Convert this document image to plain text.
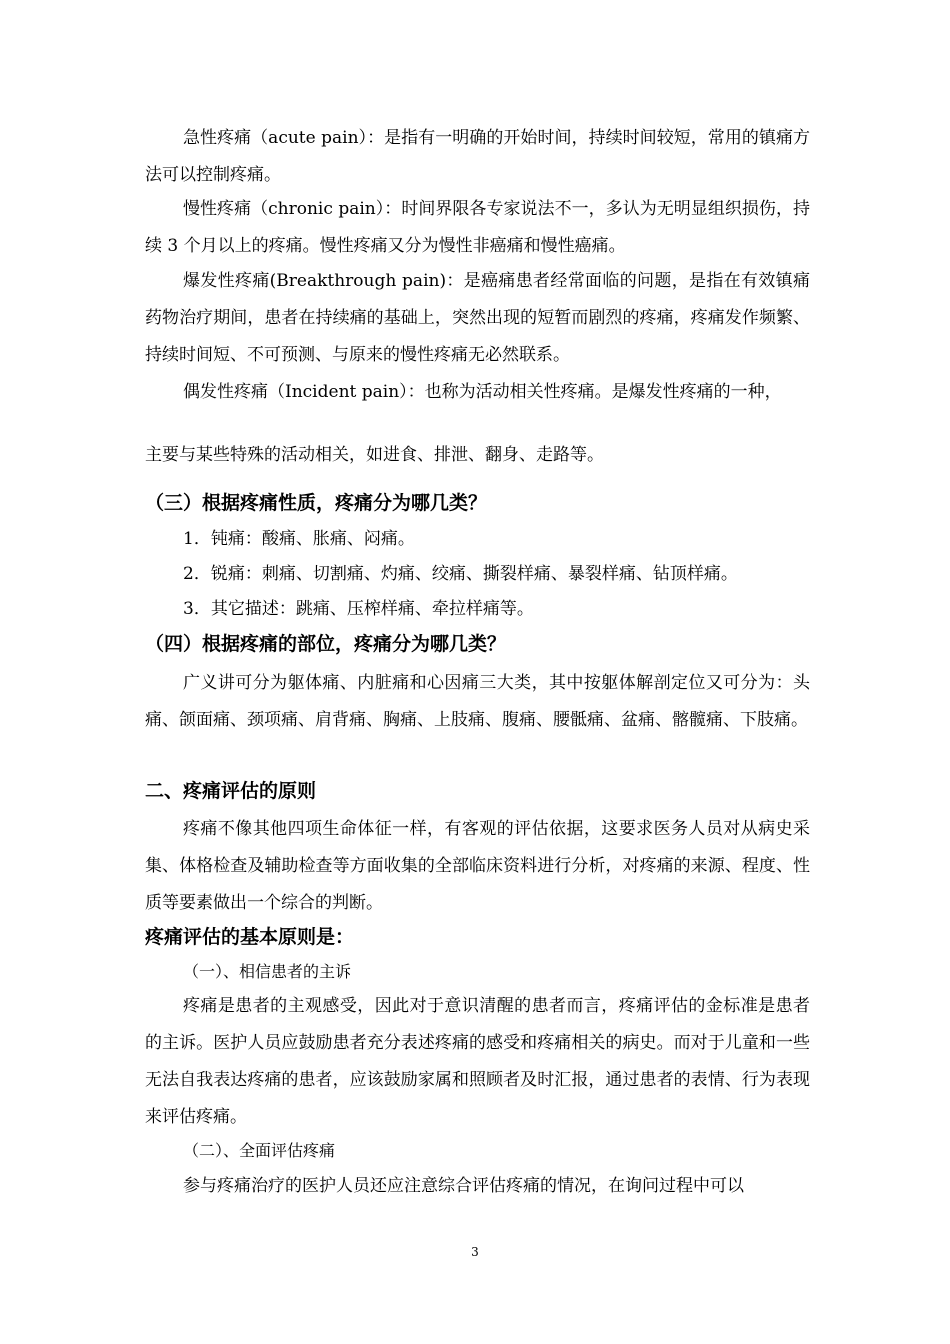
急性疼痛（acute pain）：是指有一明确的开始时间，持续时间较短，常用的镇痛方法可以控制疼痛。

慢性疼痛（chronic pain）：时间界限各专家说法不一，多认为无明显组织损伤，持续 3 个月以上的疼痛。慢性疼痛又分为慢性非癌痛和慢性癌痛。

爆发性疼痛(Breakthrough pain)：是癌痛患者经常面临的问题，是指在有效镇痛药物治疗期间，患者在持续痛的基础上，突然出现的短暂而剧烈的疼痛，疼痛发作频繁、持续时间短、不可预测、与原来的慢性疼痛无必然联系。

偶发性疼痛（Incident pain）：也称为活动相关性疼痛。是爆发性疼痛的一种，

主要与某些特殊的活动相关，如进食、排泄、翻身、走路等。

（三）根据疼痛性质，疼痛分为哪几类？

1．钝痛：酸痛、胀痛、闷痛。

2．锐痛：刺痛、切割痛、灼痛、绞痛、撕裂样痛、暴裂样痛、钻顶样痛。

3．其它描述：跳痛、压榨样痛、牵拉样痛等。

（四）根据疼痛的部位，疼痛分为哪几类？

广义讲可分为躯体痛、内脏痛和心因痛三大类，其中按躯体解剖定位又可分为：头痛、颌面痛、颈项痛、肩背痛、胸痛、上肢痛、腹痛、腰骶痛、盆痛、髂髋痛、下肢痛。

二、疼痛评估的原则

疼痛不像其他四项生命体征一样，有客观的评估依据，这要求医务人员对从病史采集、体格检查及辅助检查等方面收集的全部临床资料进行分析，对疼痛的来源、程度、性质等要素做出一个综合的判断。

疼痛评估的基本原则是：

（一）、相信患者的主诉

疼痛是患者的主观感受，因此对于意识清醒的患者而言，疼痛评估的金标准是患者的主诉。医护人员应鼓励患者充分表述疼痛的感受和疼痛相关的病史。而对于儿童和一些无法自我表达疼痛的患者，应该鼓励家属和照顾者及时汇报，通过患者的表情、行为表现来评估疼痛。

（二）、全面评估疼痛

参与疼痛治疗的医护人员还应注意综合评估疼痛的情况，在询问过程中可以

3
